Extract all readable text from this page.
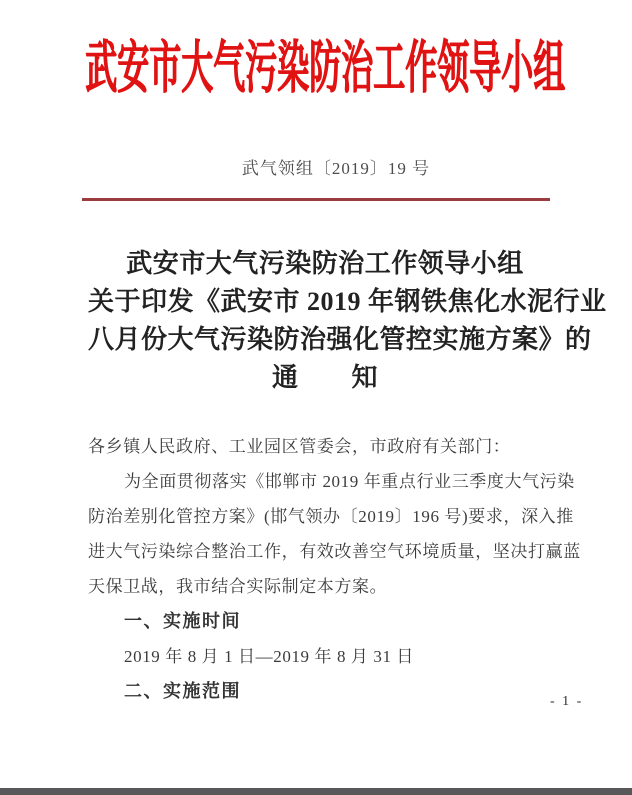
武安市大气污染防治工作领导小组
武气领组〔2019〕19 号
武安市大气污染防治工作领导小组
关于印发《武安市 2019 年钢铁焦化水泥行业
八月份大气污染防治强化管控实施方案》的
通　　知
各乡镇人民政府、工业园区管委会，市政府有关部门：
为全面贯彻落实《邯郸市 2019 年重点行业三季度大气污染
防治差别化管控方案》(邯气领办〔2019〕196 号)要求，深入推
进大气污染综合整治工作，有效改善空气环境质量，坚决打赢蓝
天保卫战，我市结合实际制定本方案。
一、实施时间
2019 年 8 月 1 日—2019 年 8 月 31 日
二、实施范围
- 1 -
